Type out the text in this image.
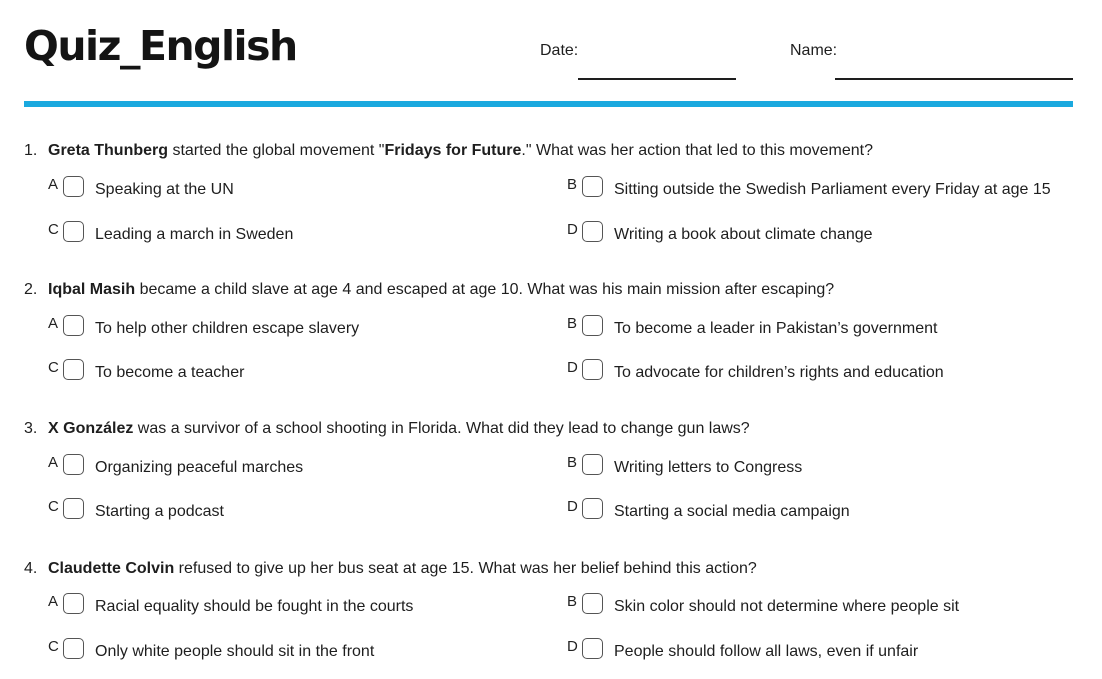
Quiz_English	Date:	Name:
1. Greta Thunberg started the global movement "Fridays for Future." What was her action that led to this movement?
A Speaking at the UN	B Sitting outside the Swedish Parliament every Friday at age 15
C Leading a march in Sweden	D Writing a book about climate change
2. Iqbal Masih became a child slave at age 4 and escaped at age 10. What was his main mission after escaping?
A To help other children escape slavery	B To become a leader in Pakistan’s government
C To become a teacher	D To advocate for children’s rights and education
3. X González was a survivor of a school shooting in Florida. What did they lead to change gun laws?
A Organizing peaceful marches	B Writing letters to Congress
C Starting a podcast	D Starting a social media campaign
4. Claudette Colvin refused to give up her bus seat at age 15. What was her belief behind this action?
A Racial equality should be fought in the courts	B Skin color should not determine where people sit
C Only white people should sit in the front	D People should follow all laws, even if unfair
